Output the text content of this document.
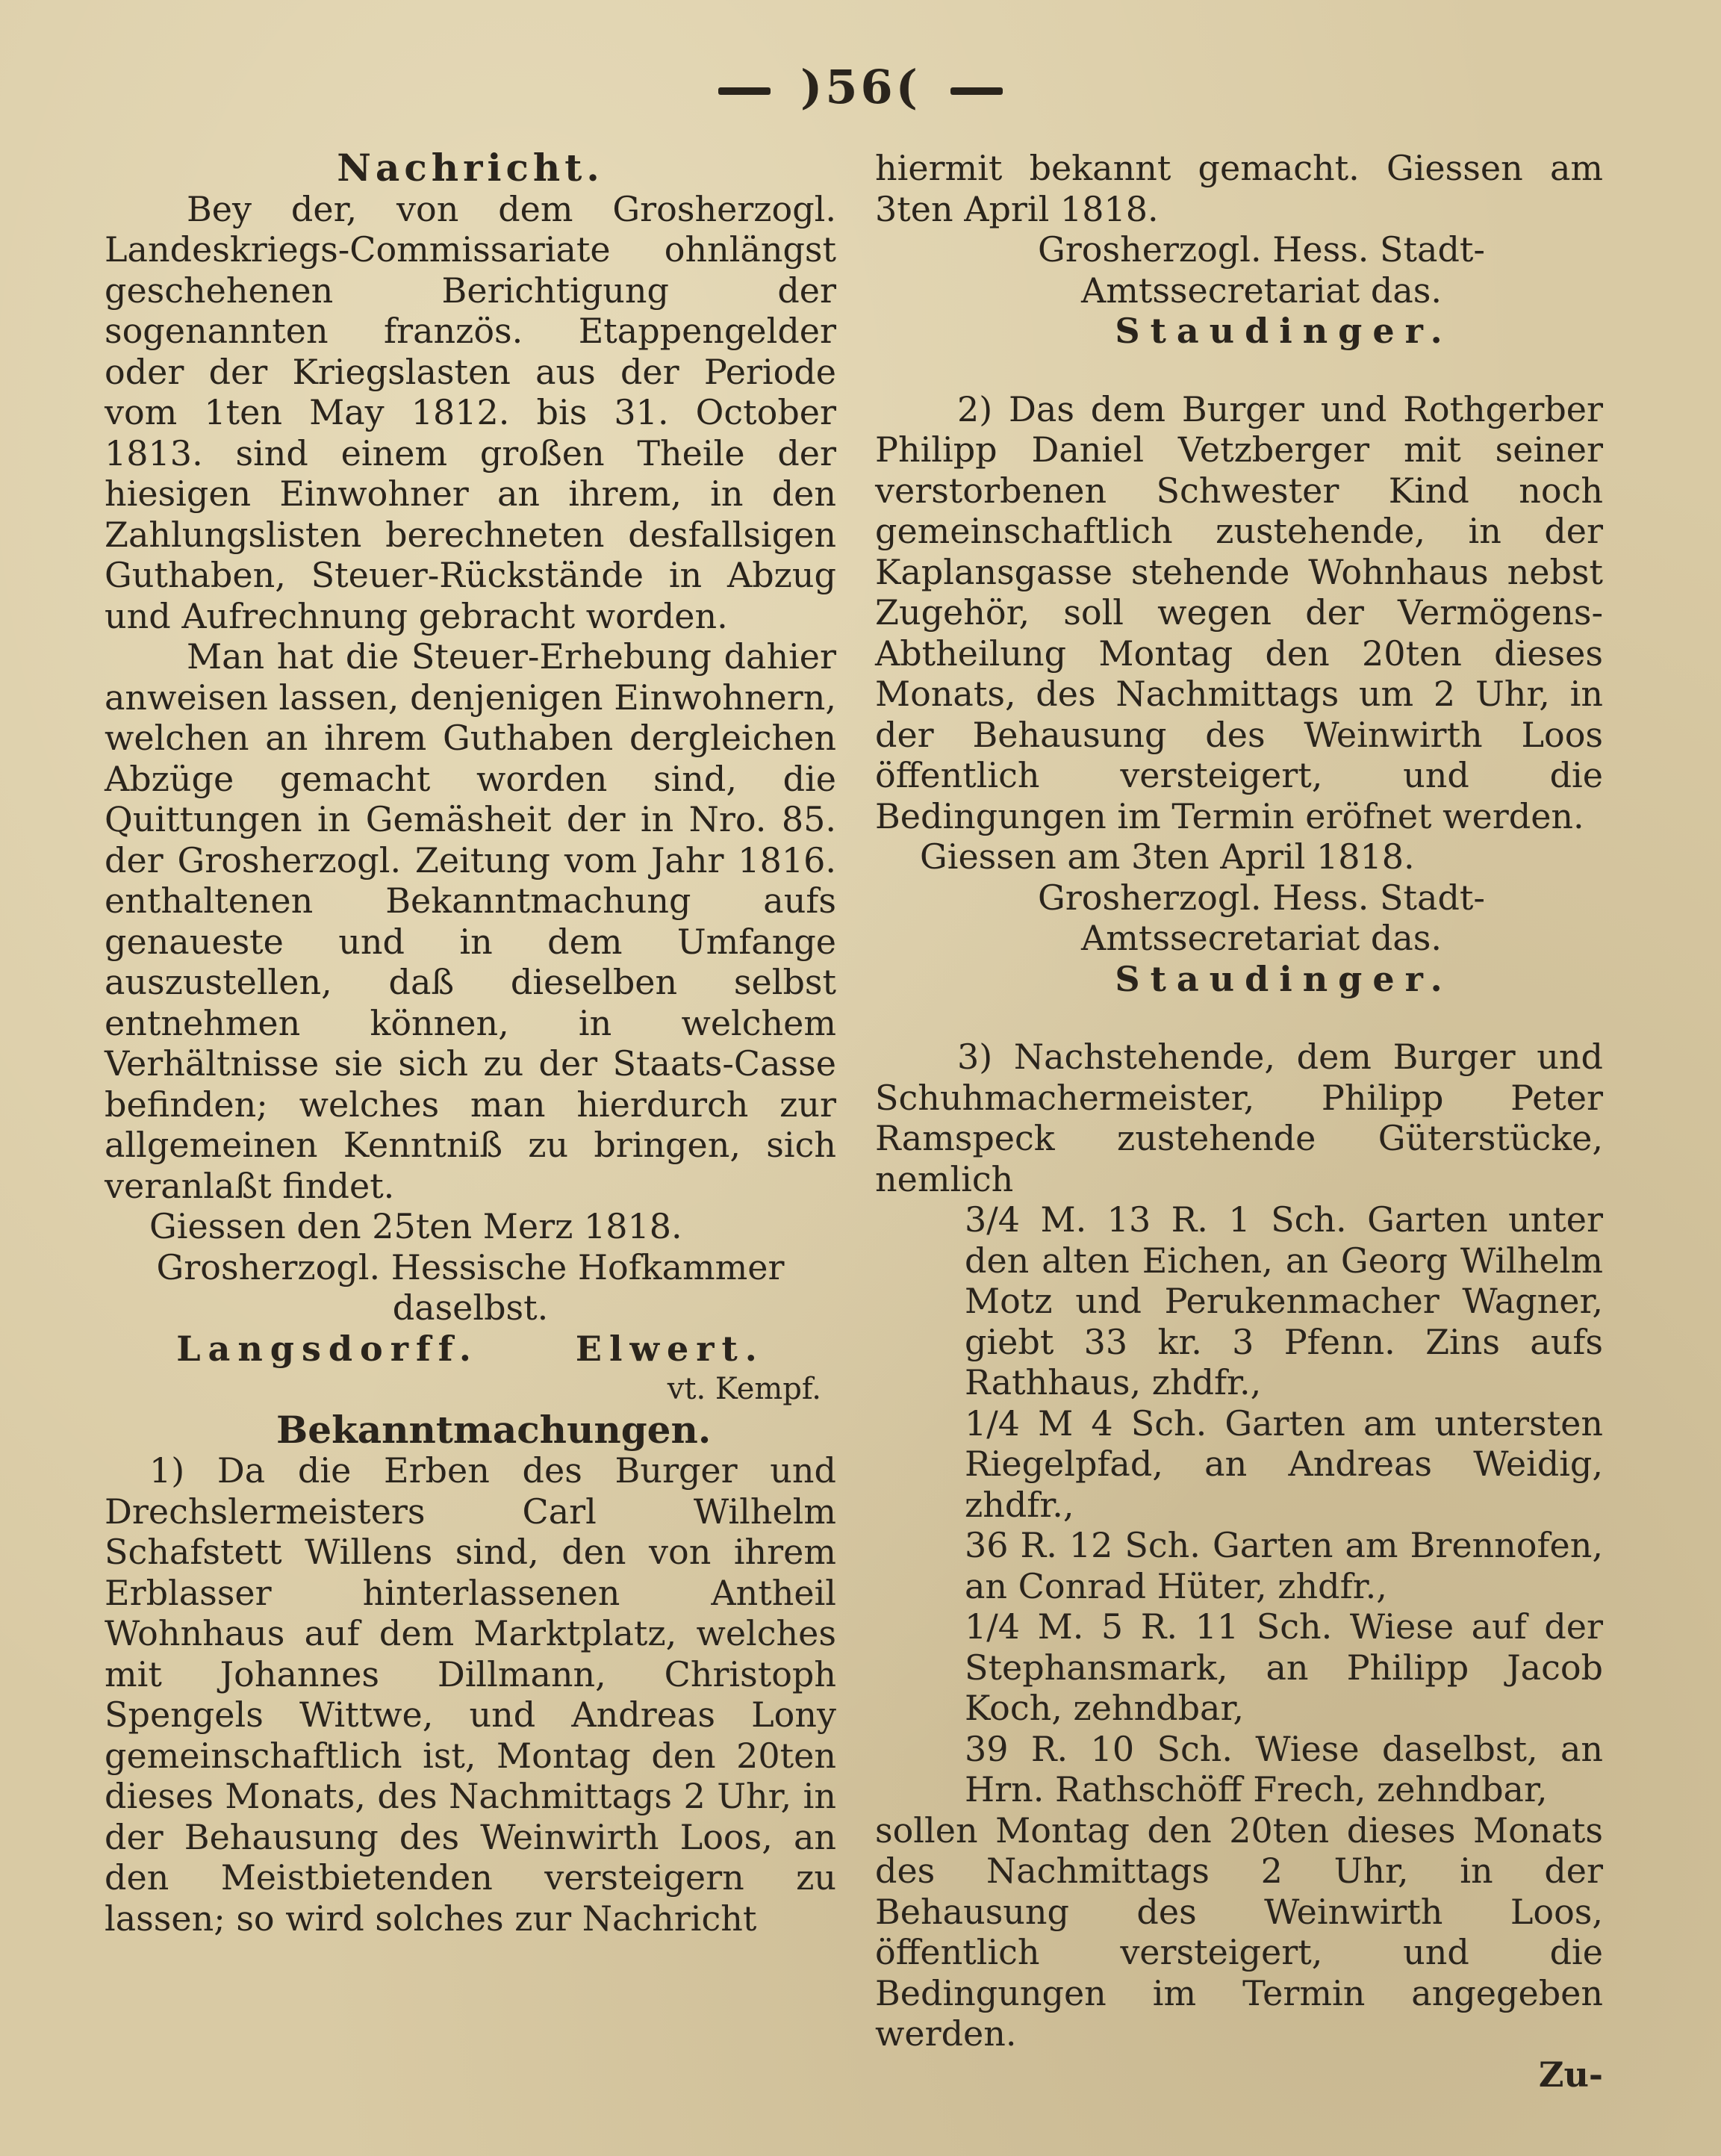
)56(

Nachricht.

Bey der, von dem Grosherzogl. Landeskriegs-Commissariate ohnlängst geschehenen Berichtigung der sogenannten französ. Etappengelder oder der Kriegslasten aus der Periode vom 1ten May 1812. bis 31. October 1813. sind einem großen Theile der hiesigen Einwohner an ihrem, in den Zahlungslisten berechneten desfallsigen Guthaben, Steuer-Rückstände in Abzug und Aufrechnung gebracht worden.

Man hat die Steuer-Erhebung dahier anweisen lassen, denjenigen Einwohnern, welchen an ihrem Guthaben dergleichen Abzüge gemacht worden sind, die Quittungen in Gemäsheit der in Nro. 85. der Grosherzogl. Zeitung vom Jahr 1816. enthaltenen Bekanntmachung aufs genaueste und in dem Umfange auszustellen, daß dieselben selbst entnehmen können, in welchem Verhältnisse sie sich zu der Staats-Casse befinden; welches man hierdurch zur allgemeinen Kenntniß zu bringen, sich veranlaßt findet.

Giessen den 25ten Merz 1818.

Grosherzogl. Hessische Hofkammer daselbst.

Langsdorff.	Elwert.

vt. Kempf.

Bekanntmachungen.

1) Da die Erben des Burger und Drechslermeisters Carl Wilhelm Schafstett Willens sind, den von ihrem Erblasser hinterlassenen Antheil Wohnhaus auf dem Marktplatz, welches mit Johannes Dillmann, Christoph Spengels Wittwe, und Andreas Lony gemeinschaftlich ist, Montag den 20ten dieses Monats, des Nachmittags 2 Uhr, in der Behausung des Weinwirth Loos, an den Meistbietenden versteigern zu lassen; so wird solches zur Nachricht

hiermit bekannt gemacht. Giessen am 3ten April 1818.

Grosherzogl. Hess. Stadt-Amtssecretariat das.

Staudinger.

2) Das dem Burger und Rothgerber Philipp Daniel Vetzberger mit seiner verstorbenen Schwester Kind noch gemeinschaftlich zustehende, in der Kaplansgasse stehende Wohnhaus nebst Zugehör, soll wegen der Vermögens-Abtheilung Montag den 20ten dieses Monats, des Nachmittags um 2 Uhr, in der Behausung des Weinwirth Loos öffentlich versteigert, und die Bedingungen im Termin eröfnet werden.

Giessen am 3ten April 1818.

Grosherzogl. Hess. Stadt-Amtssecretariat das.

Staudinger.

3) Nachstehende, dem Burger und Schuhmachermeister, Philipp Peter Ramspeck zustehende Güterstücke, nemlich

3/4 M. 13 R. 1 Sch. Garten unter den alten Eichen, an Georg Wilhelm Motz und Perukenmacher Wagner, giebt 33 kr. 3 Pfenn. Zins aufs Rathhaus, zhdfr.,

1/4 M 4 Sch. Garten am untersten Riegelpfad, an Andreas Weidig, zhdfr.,

36 R. 12 Sch. Garten am Brennofen, an Conrad Hüter, zhdfr.,

1/4 M. 5 R. 11 Sch. Wiese auf der Stephansmark, an Philipp Jacob Koch, zehndbar,

39 R. 10 Sch. Wiese daselbst, an Hrn. Rathschöff Frech, zehndbar,

sollen Montag den 20ten dieses Monats des Nachmittags 2 Uhr, in der Behausung des Weinwirth Loos, öffentlich versteigert, und die Bedingungen im Termin angegeben werden.

Zu-
